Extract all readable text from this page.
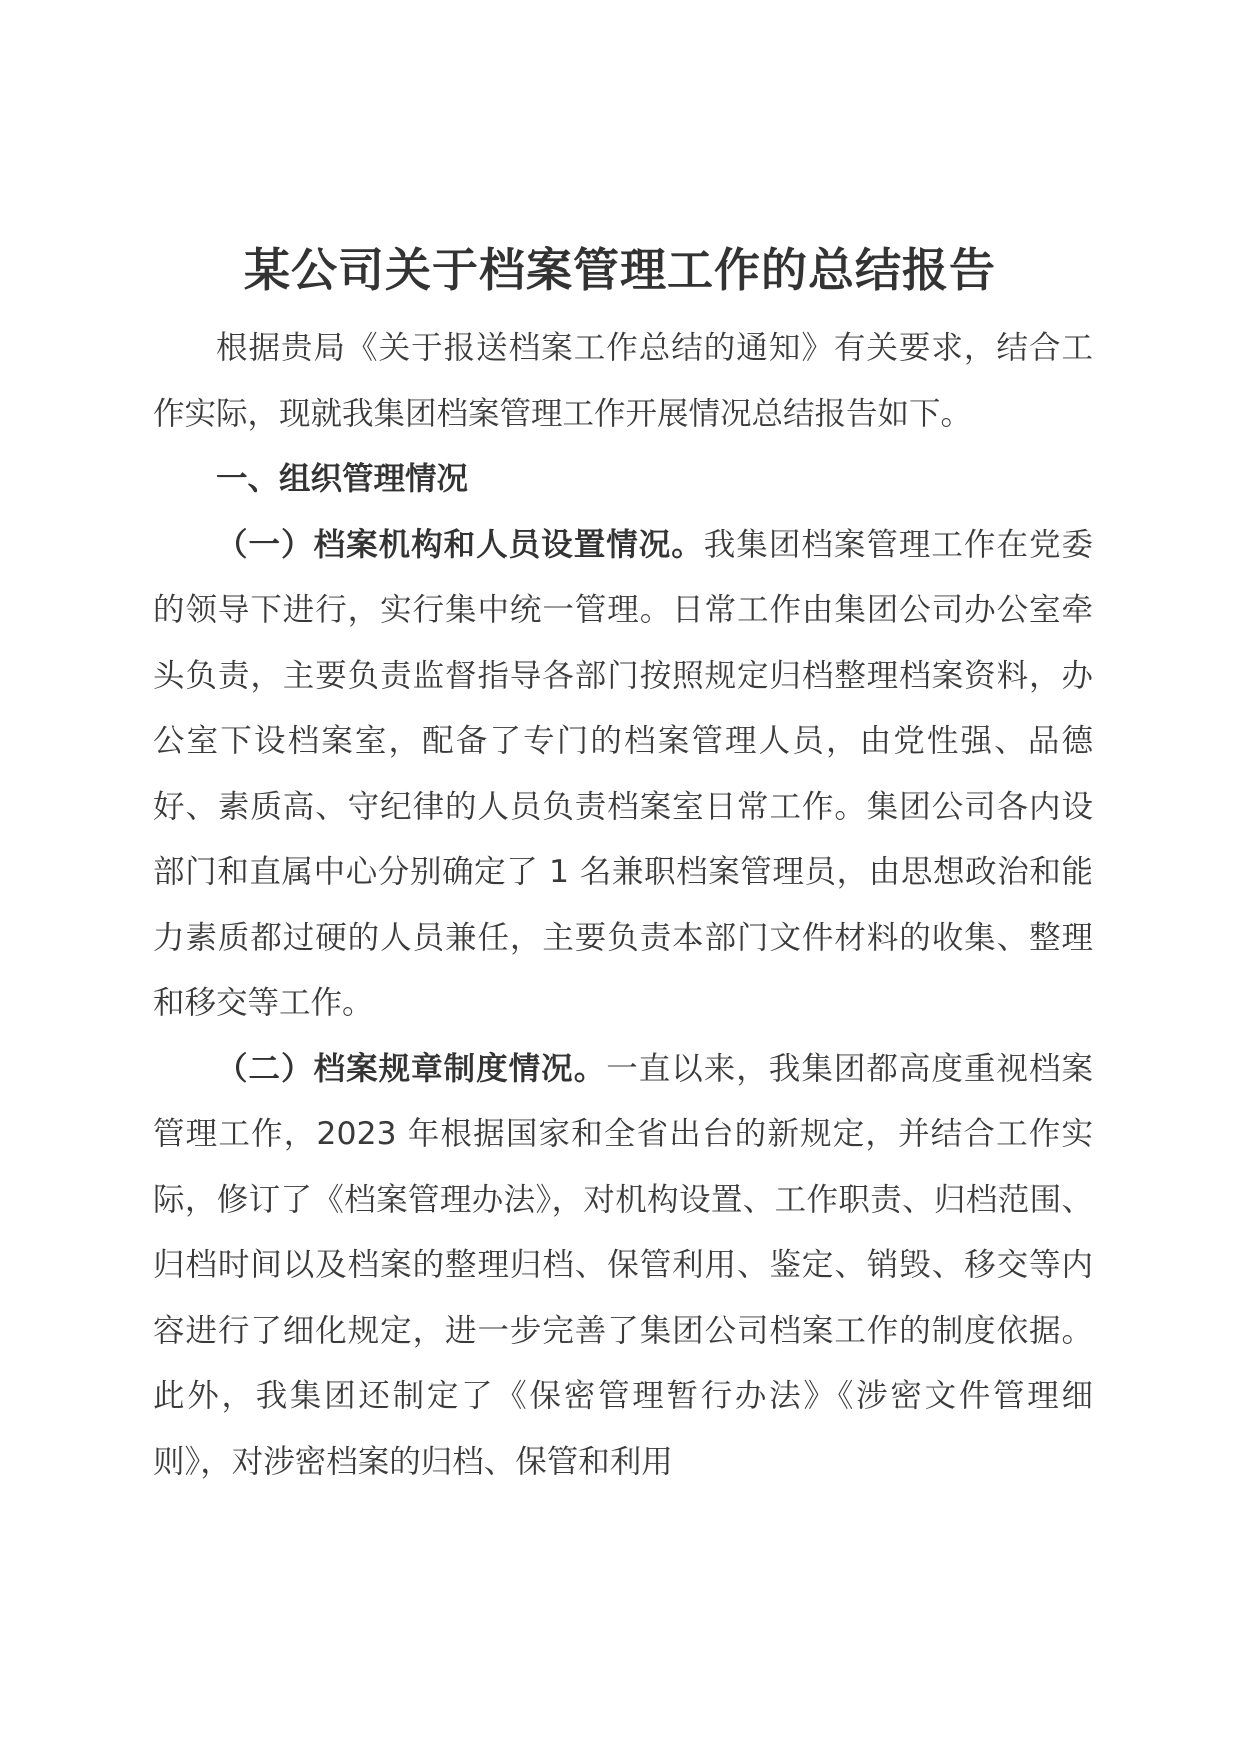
某公司关于档案管理工作的总结报告

根据贵局《关于报送档案工作总结的通知》有关要求，结合工作实际，现就我集团档案管理工作开展情况总结报告如下。

一、组织管理情况

（一）档案机构和人员设置情况。我集团档案管理工作在党委的领导下进行，实行集中统一管理。日常工作由集团公司办公室牵头负责，主要负责监督指导各部门按照规定归档整理档案资料，办公室下设档案室，配备了专门的档案管理人员，由党性强、品德好、素质高、守纪律的人员负责档案室日常工作。集团公司各内设部门和直属中心分别确定了 1 名兼职档案管理员，由思想政治和能力素质都过硬的人员兼任，主要负责本部门文件材料的收集、整理和移交等工作。

（二）档案规章制度情况。一直以来，我集团都高度重视档案管理工作，2023 年根据国家和全省出台的新规定，并结合工作实际，修订了《档案管理办法》，对机构设置、工作职责、归档范围、归档时间以及档案的整理归档、保管利用、鉴定、销毁、移交等内容进行了细化规定，进一步完善了集团公司档案工作的制度依据。此外，我集团还制定了《保密管理暂行办法》《涉密文件管理细则》，对涉密档案的归档、保管和利用
